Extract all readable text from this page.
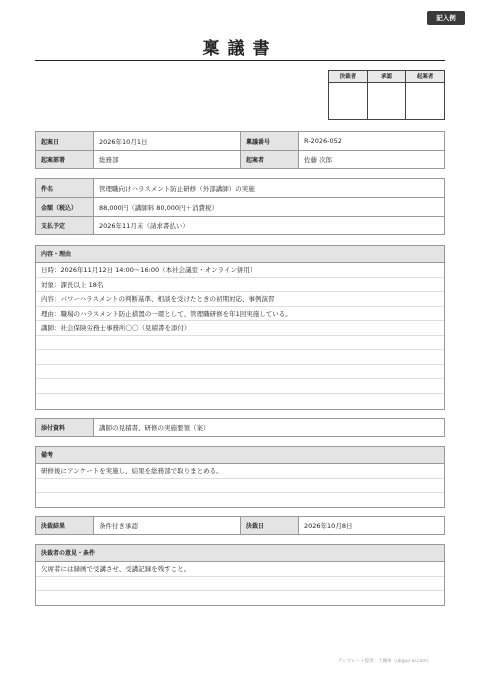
記入例
稟議書
決裁者	承認	起案者
起案日	2026年10月1日	稟議番号	R-2026-052
起案部署	総務部	起案者	佐藤 次郎
件名	管理職向けハラスメント防止研修（外部講師）の実施
金額（税込）	88,000円（講師料 80,000円＋消費税）
支払予定	2026年11月末（請求書払い）
内容・理由
日時：2026年11月12日 14:00〜16:00（本社会議室・オンライン併用）
対象：課長以上 18名
内容：パワーハラスメントの判断基準、相談を受けたときの初期対応、事例演習
理由：職場のハラスメント防止措置の一環として、管理職研修を年1回実施している。
講師：社会保険労務士事務所〇〇（見積書を添付）
添付資料	講師の見積書、研修の実施要領（案）
備考
研修後にアンケートを実施し、結果を総務部で取りまとめる。
決裁結果	条件付き承認	決裁日	2026年10月8日
決裁者の意見・条件
欠席者には録画で受講させ、受講記録を残すこと。
テンプレート提供：土鍋AI（ubgyo-ai.com）
